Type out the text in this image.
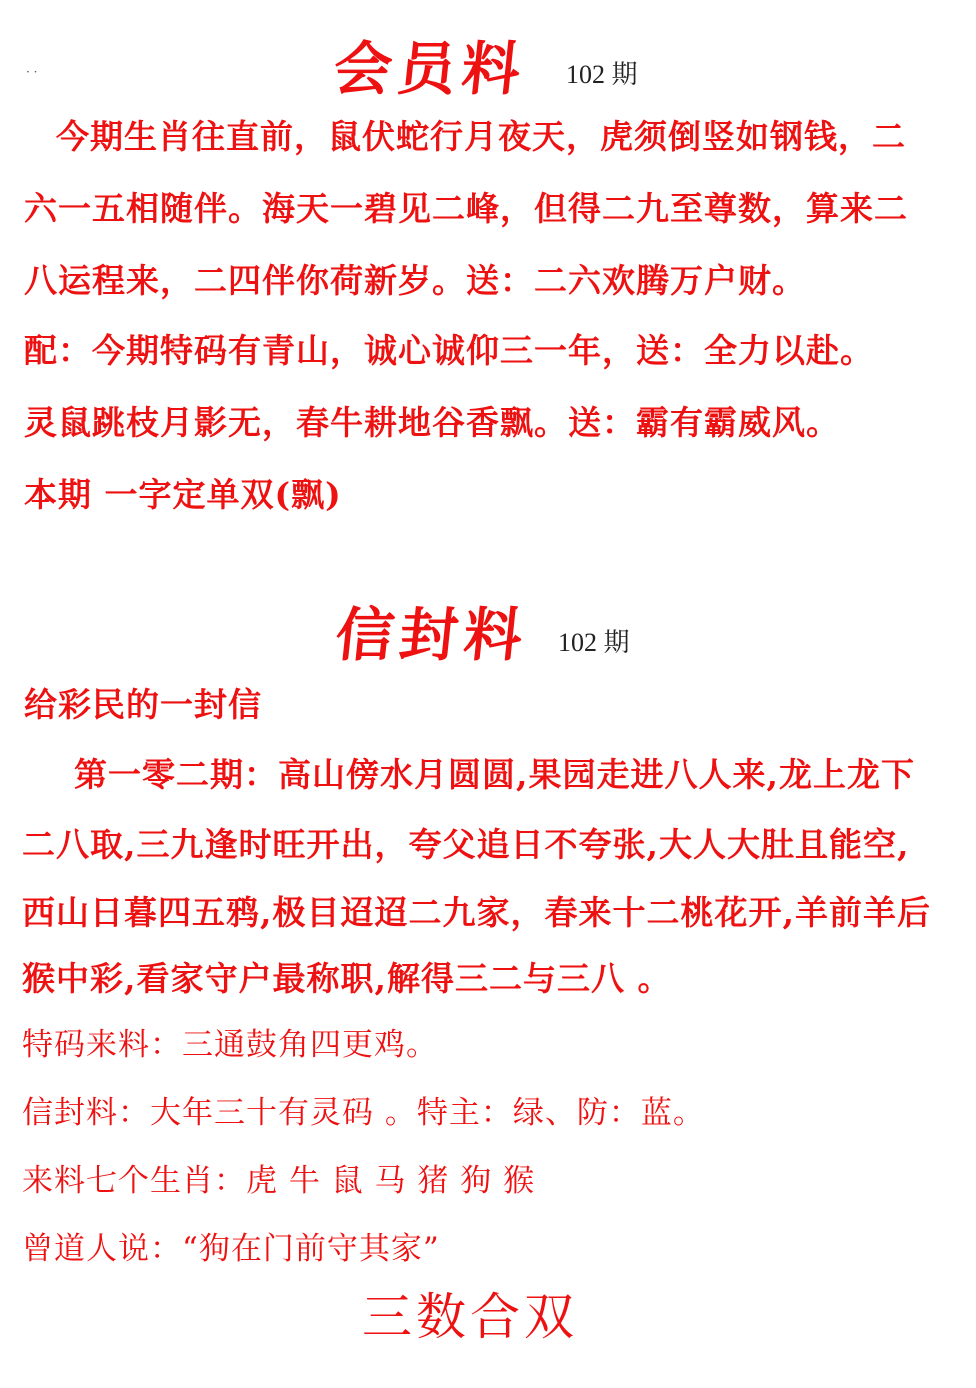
· ·	会员料 102 期
今期生肖往直前，鼠伏蛇行月夜天，虎须倒竖如钢钱，二
六一五相随伴。海天一碧见二峰，但得二九至尊数，算来二
八运程来，二四伴你荷新岁。送：二六欢腾万户财。
配：今期特码有青山，诚心诚仰三一年，送：全力以赴。
灵鼠跳枝月影无，春牛耕地谷香飘。送：霸有霸威风。
本期 一字定单双(飘)
信封料 102 期
给彩民的一封信
第一零二期：高山傍水月圆圆,果园走进八人来,龙上龙下
二八取,三九逢时旺开出，夸父追日不夸张,大人大肚且能空,
西山日暮四五鸦,极目迢迢二九家，春来十二桃花开,羊前羊后
猴中彩,看家守户最称职,解得三二与三八 。
特码来料：三通鼓角四更鸡。
信封料：大年三十有灵码 。特主：绿、防：蓝。
来料七个生肖：虎 牛 鼠 马 猪 狗 猴
曾道人说：“狗在门前守其家”
三数合双
